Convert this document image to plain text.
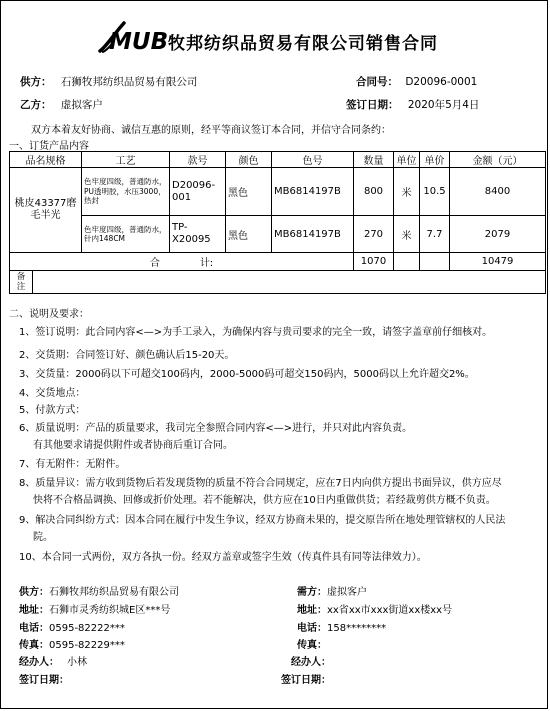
MUB 牧邦纺织品贸易有限公司销售合同
供方： 石狮牧邦纺织品贸易有限公司	合同号： D20096-0001
乙方： 虚拟客户	签订日期： 2020年5月4日
双方本着友好协商、诚信互惠的原则，经平等商议签订本合同，并信守合同条约：
一、订货产品内容
品名规格	工艺	款号	颜色	色号	数量	单位	单价	金额（元）
桃皮43377磨毛半光	色牢度四级，普通防水，PU透明胶，水压3000，热封	D20096-001	黑色	MB6814197B	800	米	10.5	8400
	色牢度四级，普通防水，针内148CM	TP-X20095	黑色	MB6814197B	270	米	7.7	2079
合 计:					1070			10479

备注								
二、说明及要求：
1、签订说明：此合同内容<—>为手工录入，为确保内容与贵司要求的完全一致，请签字盖章前仔细核对。
2、交货期：合同签订好、颜色确认后15-20天。
3、交货量：2000码以下可超交100码内，2000-5000码可超交150码内，5000码以上允许超交2%。
4、交货地点：
5、付款方式：
6、质量说明：产品的质量要求，我司完全参照合同内容<—>进行，并只对此内容负责。
有其他要求请提供附件或者协商后重订合同。
7、有无附件：无附件。
8、质量异议：需方收到货物后若发现货物的质量不符合合同规定，应在7日内向供方提出书面异议，供方应尽
快将不合格品调换、回修或折价处理。若不能解决，供方应在10日内重做供货；若经裁剪供方概不负责。
9、解决合同纠纷方式：因本合同在履行中发生争议，经双方协商未果的，提交原告所在地处理管辖权的人民法
院。
10、本合同一式两份，双方各执一份。经双方盖章或签字生效（传真件具有同等法律效力）。
供方：石狮牧邦纺织品贸易有限公司
地址：石狮市灵秀纺织城E区***号
电话：0595-82222***
传真：0595-82229***
经办人： 小林
签订日期：
需方：虚拟客户
地址：xx省xx市xxx街道xx楼xx号
电话：158********
传真：
经办人：
签订日期：
